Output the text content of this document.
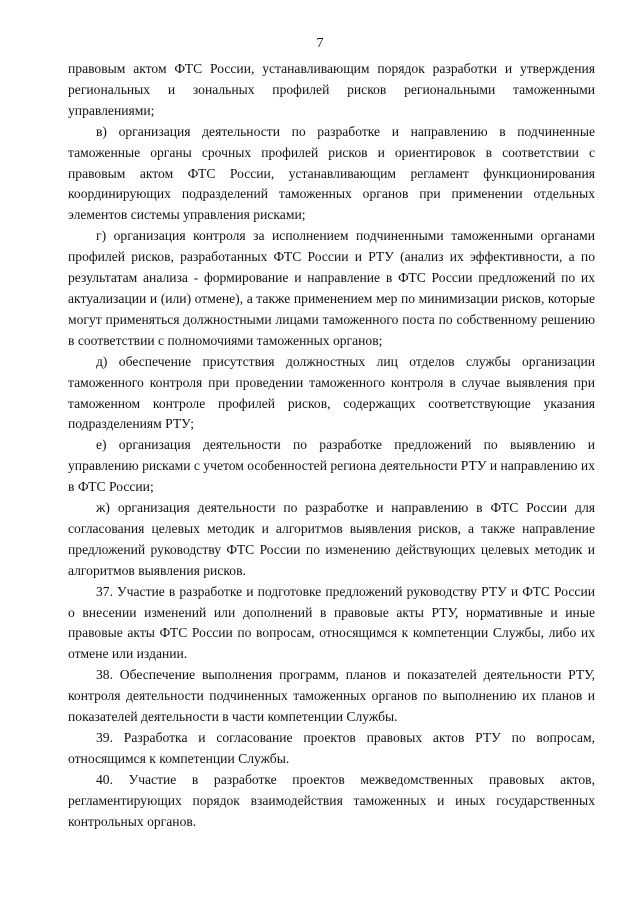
7

правовым актом ФТС России, устанавливающим порядок разработки и утверждения региональных и зональных профилей рисков региональными таможенными управлениями;

в) организация деятельности по разработке и направлению в подчиненные таможенные органы срочных профилей рисков и ориентировок в соответствии с правовым актом ФТС России, устанавливающим регламент функционирования координирующих подразделений таможенных органов при применении отдельных элементов системы управления рисками;

г) организация контроля за исполнением подчиненными таможенными органами профилей рисков, разработанных ФТС России и РТУ (анализ их эффективности, а по результатам анализа - формирование и направление в ФТС России предложений по их актуализации и (или) отмене), а также применением мер по минимизации рисков, которые могут применяться должностными лицами таможенного поста по собственному решению в соответствии с полномочиями таможенных органов;

д) обеспечение присутствия должностных лиц отделов службы организации таможенного контроля при проведении таможенного контроля в случае выявления при таможенном контроле профилей рисков, содержащих соответствующие указания подразделениям РТУ;

е) организация деятельности по разработке предложений по выявлению и управлению рисками с учетом особенностей региона деятельности РТУ и направлению их в ФТС России;

ж) организация деятельности по разработке и направлению в ФТС России для согласования целевых методик и алгоритмов выявления рисков, а также направление предложений руководству ФТС России по изменению действующих целевых методик и алгоритмов выявления рисков.

37. Участие в разработке и подготовке предложений руководству РТУ и ФТС России о внесении изменений или дополнений в правовые акты РТУ, нормативные и иные правовые акты ФТС России по вопросам, относящимся к компетенции Службы, либо их отмене или издании.

38. Обеспечение выполнения программ, планов и показателей деятельности РТУ, контроля деятельности подчиненных таможенных органов по выполнению их планов и показателей деятельности в части компетенции Службы.

39. Разработка и согласование проектов правовых актов РТУ по вопросам, относящимся к компетенции Службы.

40. Участие в разработке проектов межведомственных правовых актов, регламентирующих порядок взаимодействия таможенных и иных государственных контрольных органов.
